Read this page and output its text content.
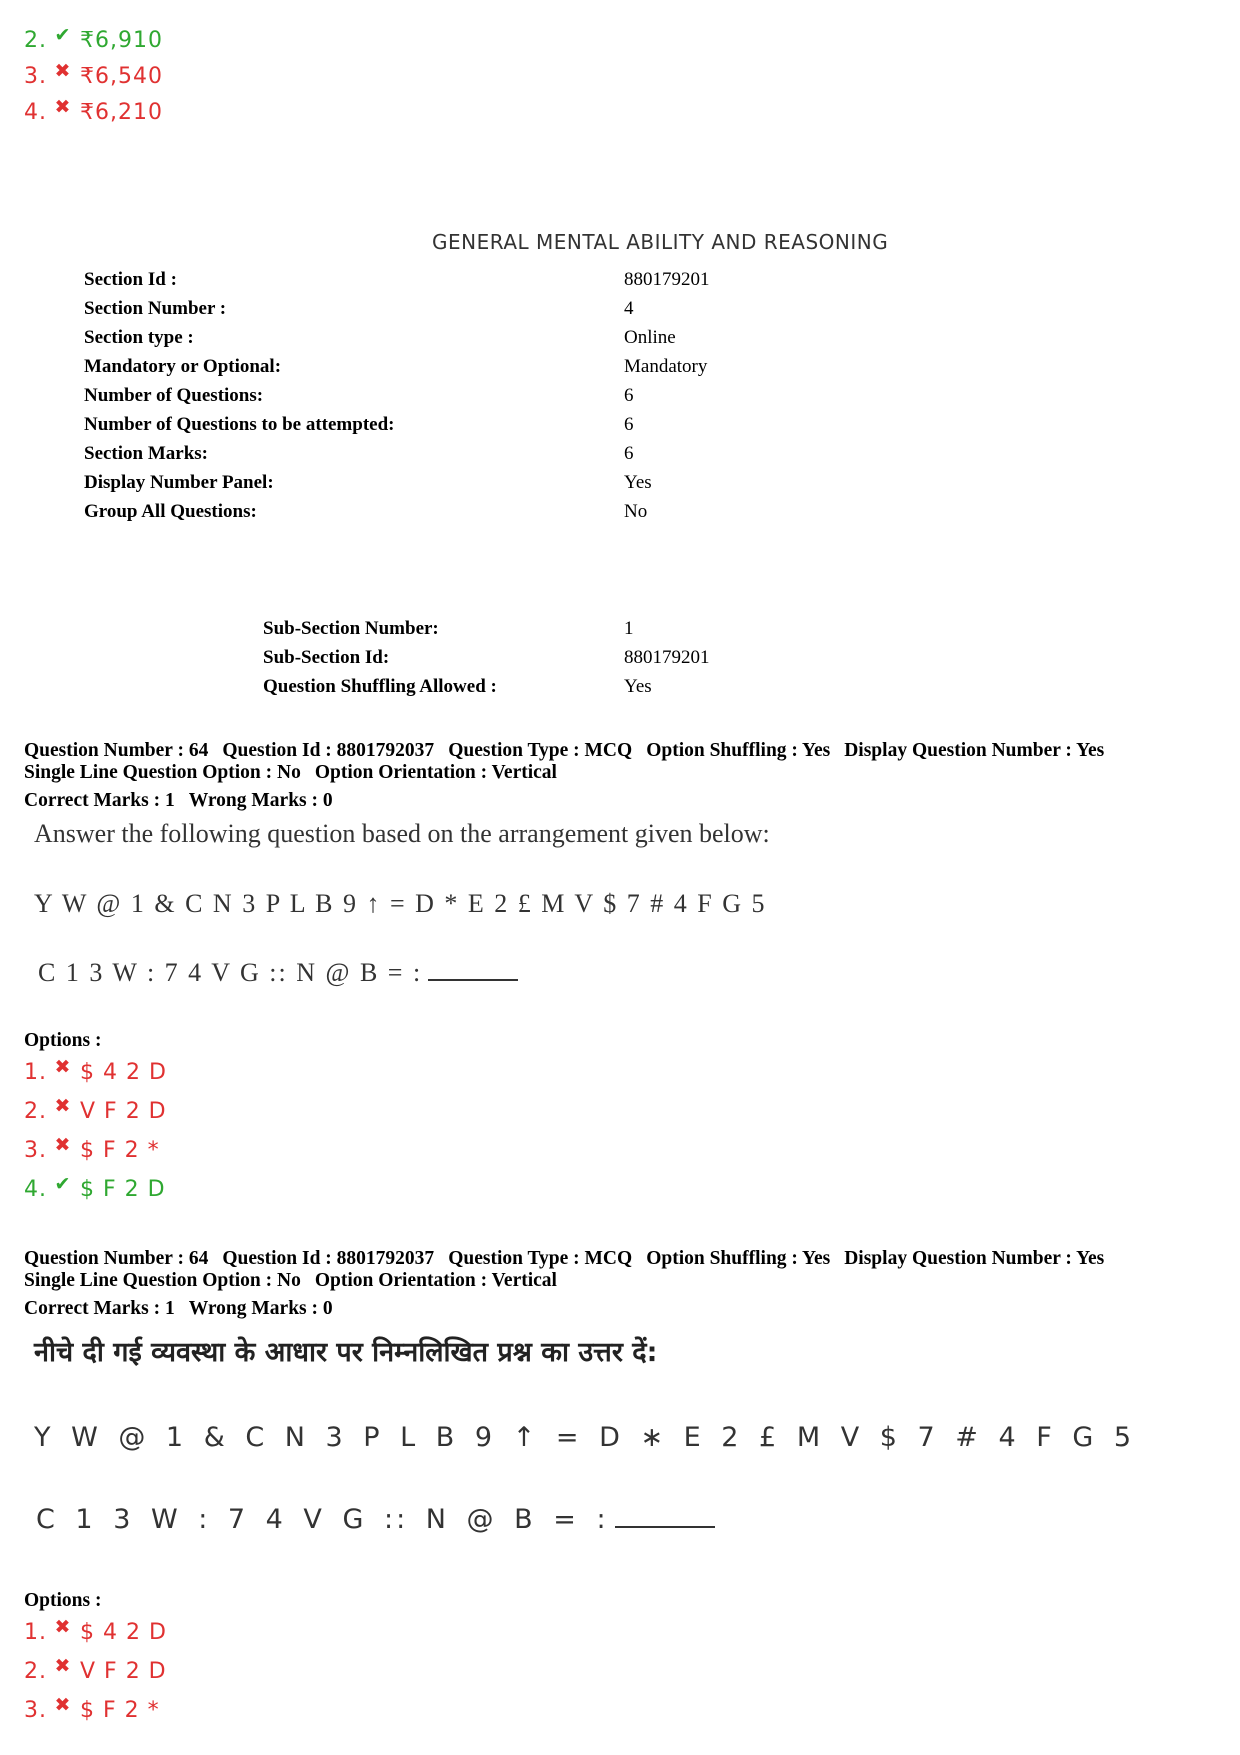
2. ✔ ₹6,910
3. ✖ ₹6,540
4. ✖ ₹6,210
GENERAL MENTAL ABILITY AND REASONING
Section Id :	880179201
Section Number :	4
Section type :	Online
Mandatory or Optional:	Mandatory
Number of Questions:	6
Number of Questions to be attempted:	6
Section Marks:	6
Display Number Panel:	Yes
Group All Questions:	No
Sub-Section Number:	1
Sub-Section Id:	880179201
Question Shuffling Allowed :	Yes
Question Number : 64 Question Id : 8801792037 Question Type : MCQ Option Shuffling : Yes Display Question Number : Yes
Single Line Question Option : No Option Orientation : Vertical
Correct Marks : 1 Wrong Marks : 0
Answer the following question based on the arrangement given below:
Y W @ 1 & C N 3 P L B 9 ↑ = D * E 2 £ M V $ 7 # 4 F G 5
C 1 3 W : 7 4 V G :: N @ B = :
Options :
1. ✖ $ 4 2 D
2. ✖ V F 2 D
3. ✖ $ F 2 *
4. ✔ $ F 2 D
Question Number : 64 Question Id : 8801792037 Question Type : MCQ Option Shuffling : Yes Display Question Number : Yes
Single Line Question Option : No Option Orientation : Vertical
Correct Marks : 1 Wrong Marks : 0
नीचे दी गई व्यवस्था के आधार पर निम्नलिखित प्रश्न का उत्तर दें:
Y W @ 1 & C N 3 P L B 9 ↑ = D ∗ E 2 £ M V $ 7 # 4 F G 5
C 1 3 W : 7 4 V G :: N @ B = :
Options :
1. ✖ $ 4 2 D
2. ✖ V F 2 D
3. ✖ $ F 2 *
